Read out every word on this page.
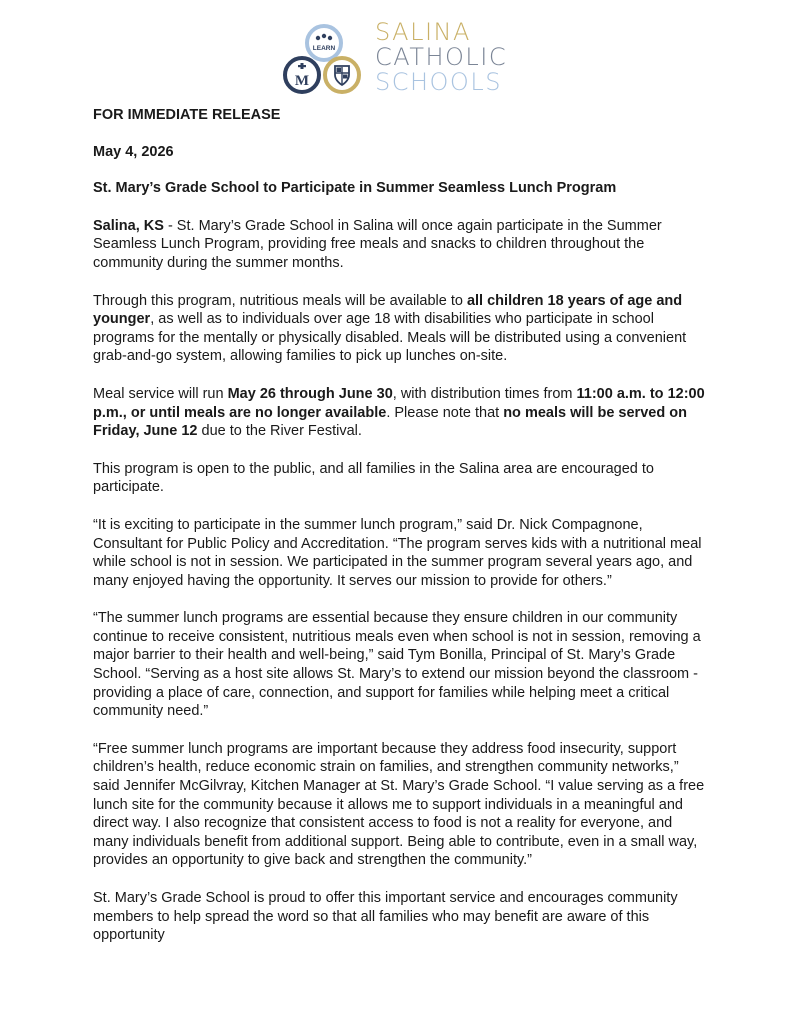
LEARN
M
SALINA
CATHOLIC
SCHOOLS

FOR IMMEDIATE RELEASE

May 4, 2026

St. Mary’s Grade School to Participate in Summer Seamless Lunch Program

Salina, KS - St. Mary’s Grade School in Salina will once again participate in the Summer Seamless Lunch Program, providing free meals and snacks to children throughout the community during the summer months.

Through this program, nutritious meals will be available to all children 18 years of age and younger, as well as to individuals over age 18 with disabilities who participate in school programs for the mentally or physically disabled. Meals will be distributed using a convenient grab-and-go system, allowing families to pick up lunches on-site.

Meal service will run May 26 through June 30, with distribution times from 11:00 a.m. to 12:00 p.m., or until meals are no longer available. Please note that no meals will be served on Friday, June 12 due to the River Festival.

This program is open to the public, and all families in the Salina area are encouraged to participate.

“It is exciting to participate in the summer lunch program,” said Dr. Nick Compagnone, Consultant for Public Policy and Accreditation. “The program serves kids with a nutritional meal while school is not in session. We participated in the summer program several years ago, and many enjoyed having the opportunity. It serves our mission to provide for others.”

“The summer lunch programs are essential because they ensure children in our community continue to receive consistent, nutritious meals even when school is not in session, removing a major barrier to their health and well-being,” said Tym Bonilla, Principal of St. Mary’s Grade School. “Serving as a host site allows St. Mary’s to extend our mission beyond the classroom - providing a place of care, connection, and support for families while helping meet a critical community need.”

“Free summer lunch programs are important because they address food insecurity, support children’s health, reduce economic strain on families, and strengthen community networks,” said Jennifer McGilvray, Kitchen Manager at St. Mary’s Grade School. “I value serving as a free lunch site for the community because it allows me to support individuals in a meaningful and direct way. I also recognize that consistent access to food is not a reality for everyone, and many individuals benefit from additional support. Being able to contribute, even in a small way, provides an opportunity to give back and strengthen the community.”

St. Mary’s Grade School is proud to offer this important service and encourages community members to help spread the word so that all families who may benefit are aware of this opportunity
